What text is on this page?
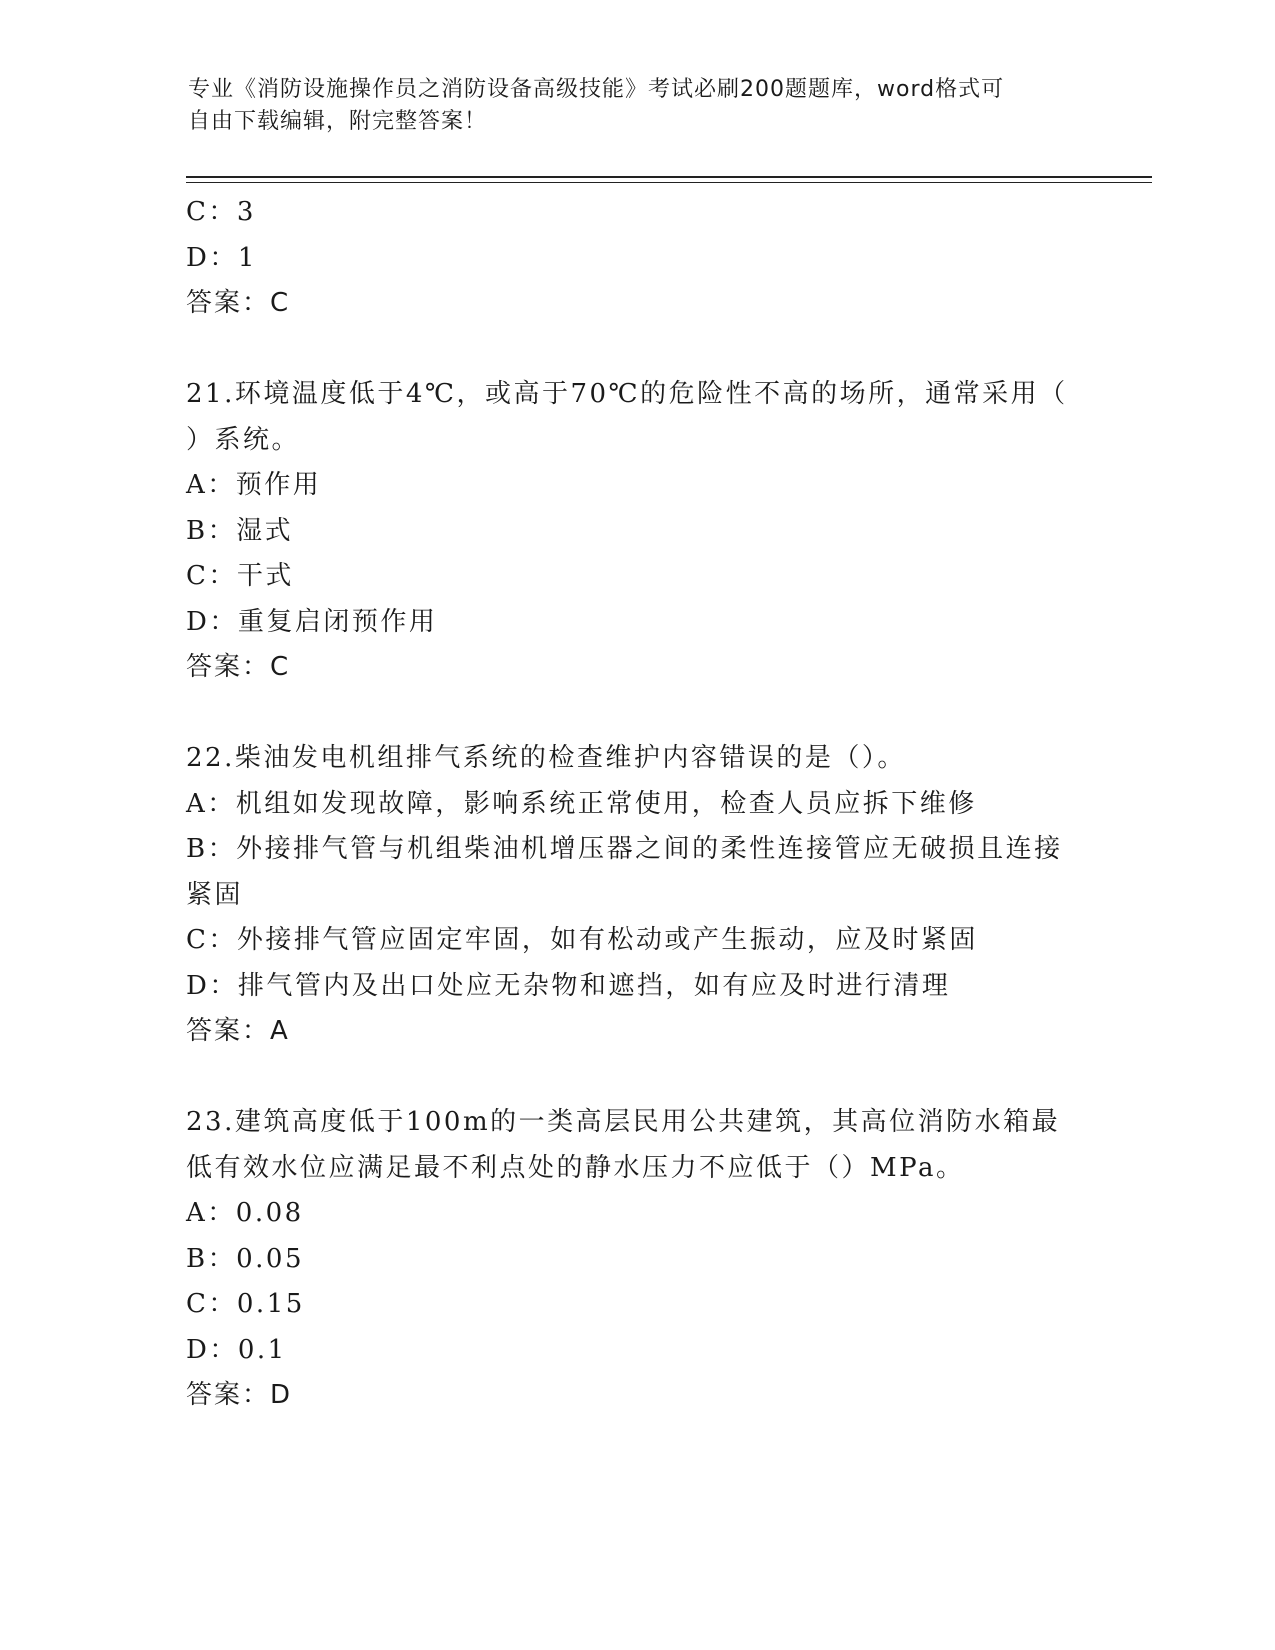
专业《消防设施操作员之消防设备高级技能》考试必刷200题题库，word格式可
自由下载编辑，附完整答案！
C：3
D：1
答案：C
21.环境温度低于4℃，或高于70℃的危险性不高的场所，通常采用（
）系统。
A：预作用
B：湿式
C：干式
D：重复启闭预作用
答案：C
22.柴油发电机组排气系统的检查维护内容错误的是（）。
A：机组如发现故障，影响系统正常使用，检查人员应拆下维修
B：外接排气管与机组柴油机增压器之间的柔性连接管应无破损且连接
紧固
C：外接排气管应固定牢固，如有松动或产生振动，应及时紧固
D：排气管内及出口处应无杂物和遮挡，如有应及时进行清理
答案：A
23.建筑高度低于100m的一类高层民用公共建筑，其高位消防水箱最
低有效水位应满足最不利点处的静水压力不应低于（）MPa。
A：0.08
B：0.05
C：0.15
D：0.1
答案：D
